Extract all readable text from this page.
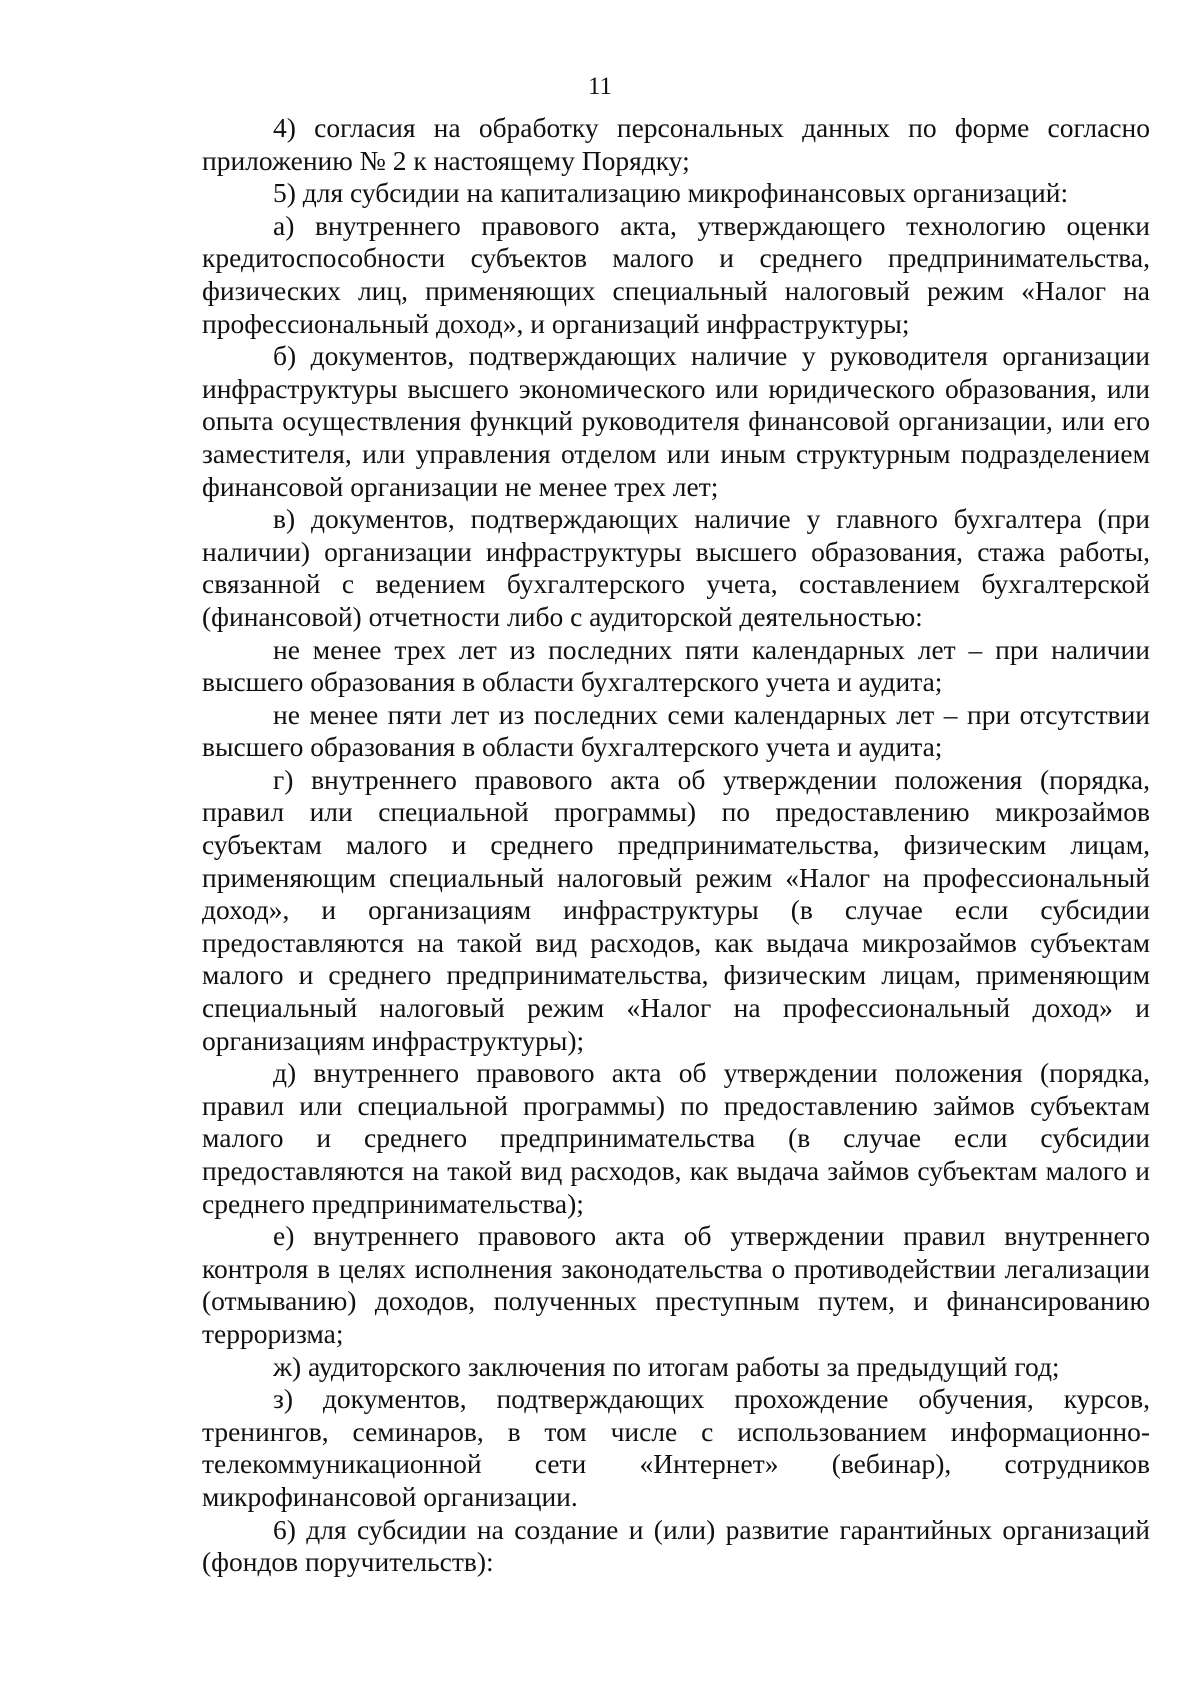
11

4) согласия на обработку персональных данных по форме согласно приложению № 2 к настоящему Порядку;

5) для субсидии на капитализацию микрофинансовых организаций:

а) внутреннего правового акта, утверждающего технологию оценки кредитоспособности субъектов малого и среднего предпринимательства, физических лиц, применяющих специальный налоговый режим «Налог на профессиональный доход», и организаций инфраструктуры;

б) документов, подтверждающих наличие у руководителя организации инфраструктуры высшего экономического или юридического образования, или опыта осуществления функций руководителя финансовой организации, или его заместителя, или управления отделом или иным структурным подразделением финансовой организации не менее трех лет;

в) документов, подтверждающих наличие у главного бухгалтера (при наличии) организации инфраструктуры высшего образования, стажа работы, связанной с ведением бухгалтерского учета, составлением бухгалтерской (финансовой) отчетности либо с аудиторской деятельностью:

не менее трех лет из последних пяти календарных лет – при наличии высшего образования в области бухгалтерского учета и аудита;

не менее пяти лет из последних семи календарных лет – при отсутствии высшего образования в области бухгалтерского учета и аудита;

г) внутреннего правового акта об утверждении положения (порядка, правил или специальной программы) по предоставлению микрозаймов субъектам малого и среднего предпринимательства, физическим лицам, применяющим специальный налоговый режим «Налог на профессиональный доход», и организациям инфраструктуры (в случае если субсидии предоставляются на такой вид расходов, как выдача микрозаймов субъектам малого и среднего предпринимательства, физическим лицам, применяющим специальный налоговый режим «Налог на профессиональный доход» и организациям инфраструктуры);

д) внутреннего правового акта об утверждении положения (порядка, правил или специальной программы) по предоставлению займов субъектам малого и среднего предпринимательства (в случае если субсидии предоставляются на такой вид расходов, как выдача займов субъектам малого и среднего предпринимательства);

е) внутреннего правового акта об утверждении правил внутреннего контроля в целях исполнения законодательства о противодействии легализации (отмыванию) доходов, полученных преступным путем, и финансированию терроризма;

ж) аудиторского заключения по итогам работы за предыдущий год;

з) документов, подтверждающих прохождение обучения, курсов, тренингов, семинаров, в том числе с использованием информационно-телекоммуникационной сети «Интернет» (вебинар), сотрудников микрофинансовой организации.

6) для субсидии на создание и (или) развитие гарантийных организаций (фондов поручительств):
